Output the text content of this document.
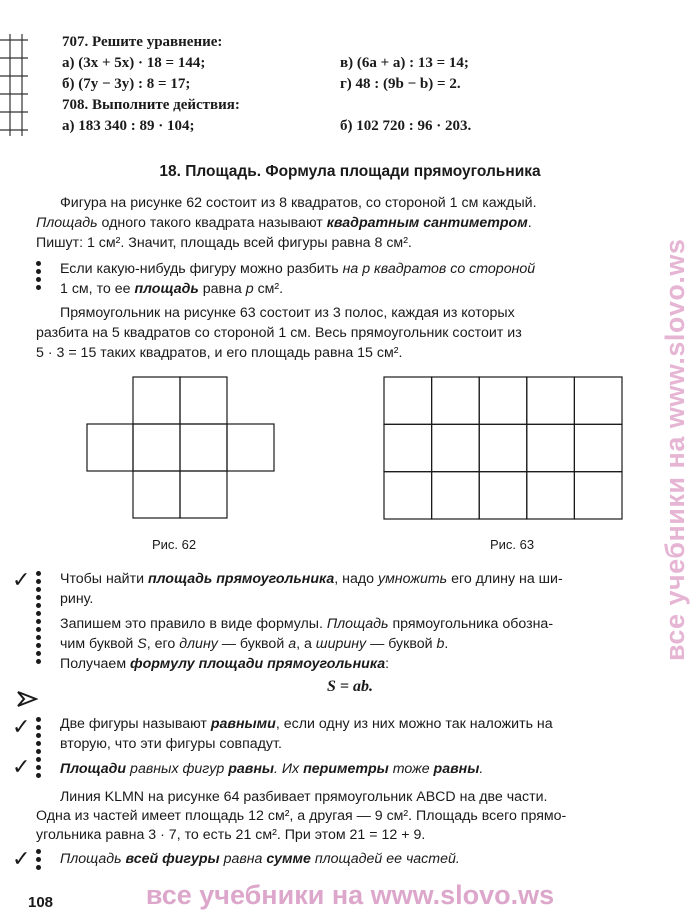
707. Решите уравнение:
а) (3x + 5x) · 18 = 144;
б) (7y − 3y) : 8 = 17;
в) (6a + a) : 13 = 14;
г) 48 : (9b − b) = 2.
708. Выполните действия:
а) 183 340 : 89 · 104;	б) 102 720 : 96 · 203.
18. Площадь. Формула площади прямоугольника
Фигура на рисунке 62 состоит из 8 квадратов, со стороной 1 см каждый.
Площадь одного такого квадрата называют квадратным сантиметром.
Пишут: 1 см². Значит, площадь всей фигуры равна 8 см².
Если какую-нибудь фигуру можно разбить на p квадратов со стороной
1 см, то ее площадь равна p см².
Прямоугольник на рисунке 63 состоит из 3 полос, каждая из которых
разбита на 5 квадратов со стороной 1 см. Весь прямоугольник состоит из
5 · 3 = 15 таких квадратов, и его площадь равна 15 см².
Рис. 62	Рис. 63
✓ Чтобы найти площадь прямоугольника, надо умножить его длину на ши-
рину.
Запишем это правило в виде формулы. Площадь прямоугольника обозна-
чим буквой S, его длину — буквой a, а ширину — буквой b.
Получаем формулу площади прямоугольника:
S = ab.
✓ Две фигуры называют равными, если одну из них можно так наложить на
вторую, что эти фигуры совпадут.
✓ Площади равных фигур равны. Их периметры тоже равны.
Линия KLMN на рисунке 64 разбивает прямоугольник ABCD на две части.
Одна из частей имеет площадь 12 см², а другая — 9 см². Площадь всего прямо-
угольника равна 3 · 7, то есть 21 см². При этом 21 = 12 + 9.
✓ Площадь всей фигуры равна сумме площадей ее частей.
108
все учебники на www.slovo.ws
все учебники на www.slovo.ws
